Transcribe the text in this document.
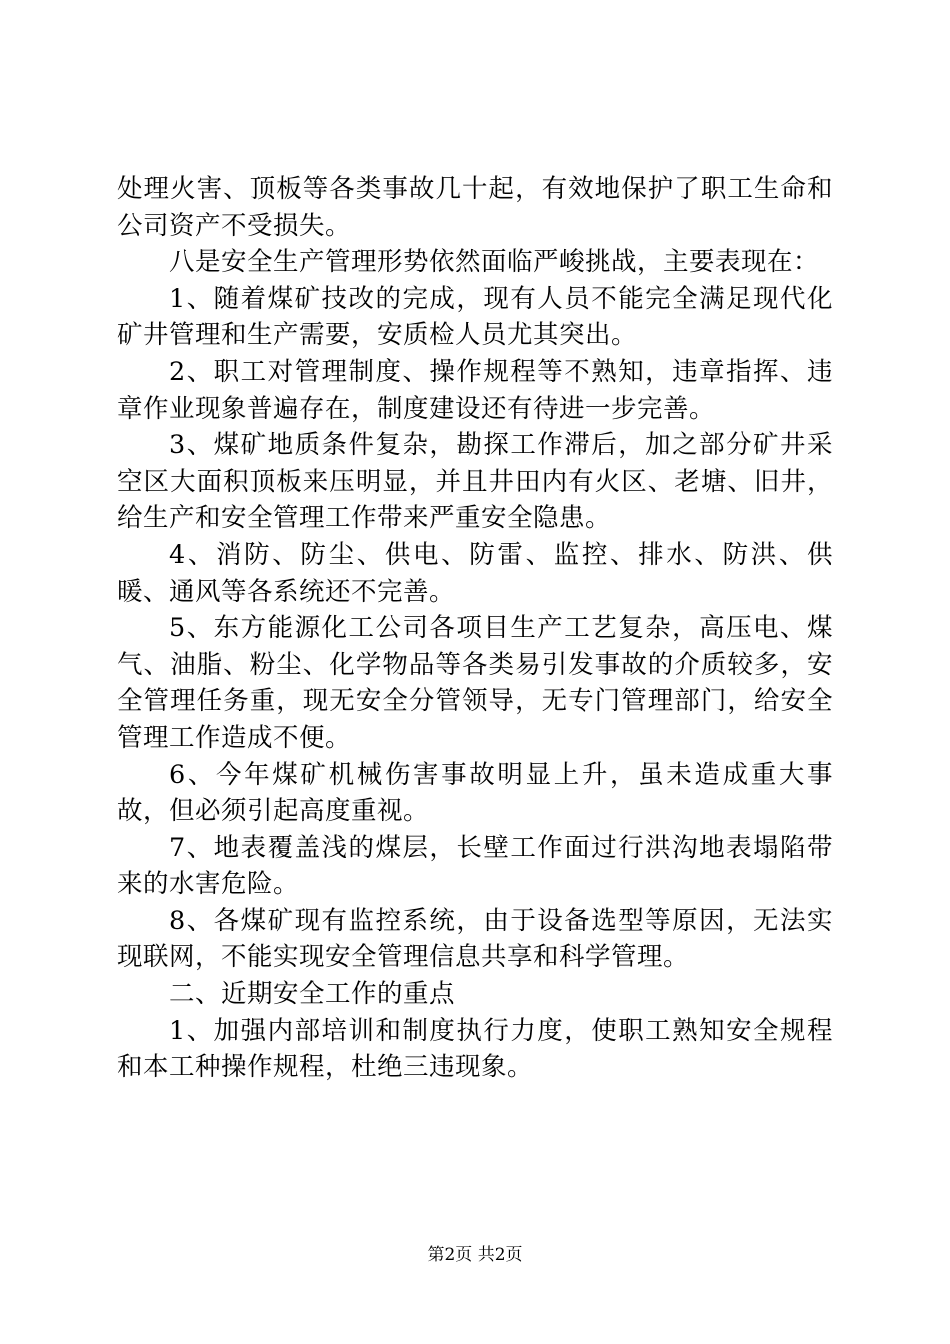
处理火害、顶板等各类事故几十起，有效地保护了职工生命和公司资产不受损失。

八是安全生产管理形势依然面临严峻挑战，主要表现在：

1、随着煤矿技改的完成，现有人员不能完全满足现代化矿井管理和生产需要，安质检人员尤其突出。

2、职工对管理制度、操作规程等不熟知，违章指挥、违章作业现象普遍存在，制度建设还有待进一步完善。

3、煤矿地质条件复杂，勘探工作滞后，加之部分矿井采空区大面积顶板来压明显，并且井田内有火区、老塘、旧井，给生产和安全管理工作带来严重安全隐患。

4、消防、防尘、供电、防雷、监控、排水、防洪、供暖、通风等各系统还不完善。

5、东方能源化工公司各项目生产工艺复杂，高压电、煤气、油脂、粉尘、化学物品等各类易引发事故的介质较多，安全管理任务重，现无安全分管领导，无专门管理部门，给安全管理工作造成不便。

6、今年煤矿机械伤害事故明显上升，虽未造成重大事故，但必须引起高度重视。

7、地表覆盖浅的煤层，长壁工作面过行洪沟地表塌陷带来的水害危险。

8、各煤矿现有监控系统，由于设备选型等原因，无法实现联网，不能实现安全管理信息共享和科学管理。

二、近期安全工作的重点

1、加强内部培训和制度执行力度，使职工熟知安全规程和本工种操作规程，杜绝三违现象。

第2页 共2页
